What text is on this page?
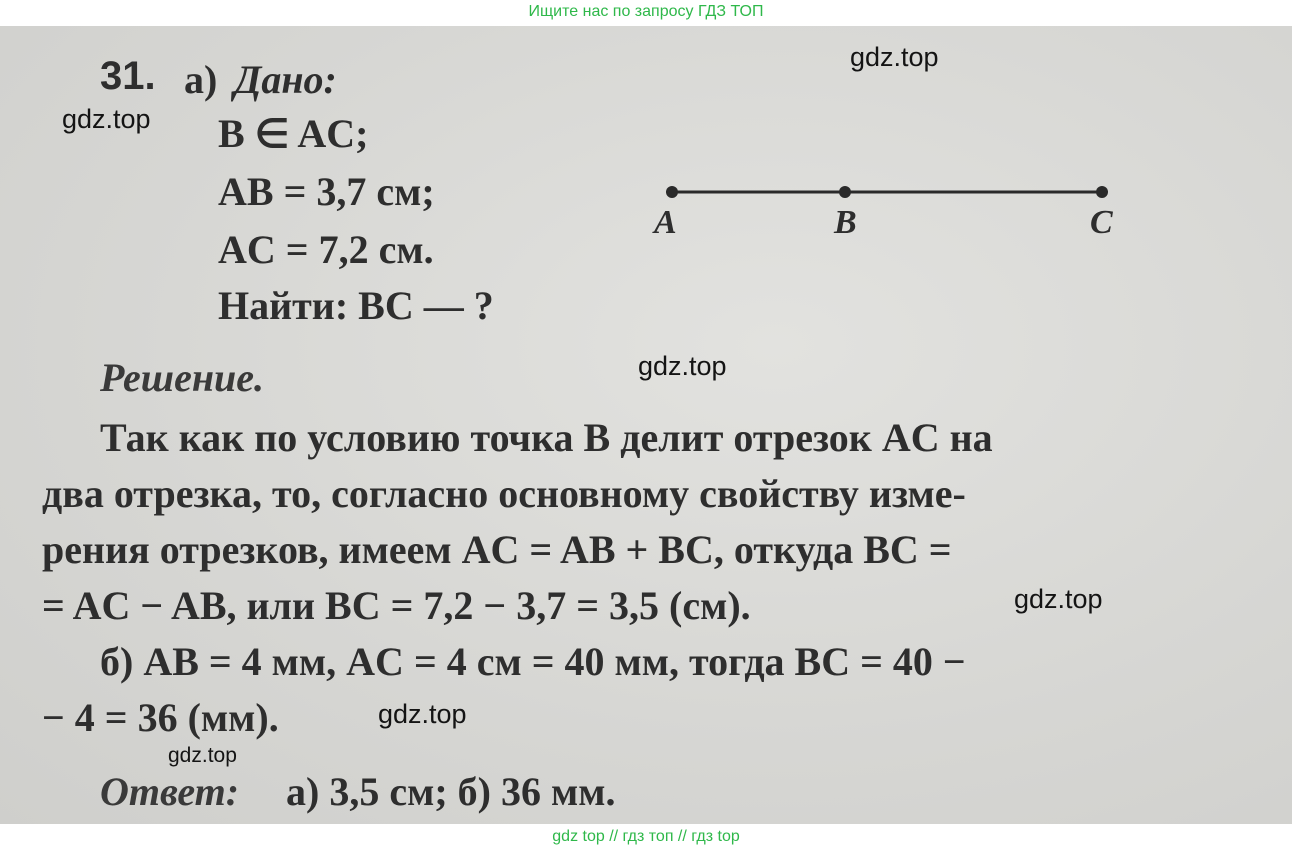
Ищите нас по запросу ГДЗ ТОП
31. а) Дано:
B ∈ AC;
AB = 3,7 см;
AC = 7,2 см.
Найти: BC — ?
A	B	C
Решение.
Так как по условию точка B делит отрезок AC на
два отрезка, то, согласно основному свойству изме-
рения отрезков, имеем AC = AB + BC, откуда BC =
= AC − AB, или BC = 7,2 − 3,7 = 3,5 (см).
б) AB = 4 мм, AC = 4 см = 40 мм, тогда BC = 40 −
− 4 = 36 (мм).
Ответ: а) 3,5 см; б) 36 мм.
gdz.top
gdz.top
gdz.top
gdz.top
gdz.top
gdz.top
gdz top // гдз топ // гдз top
